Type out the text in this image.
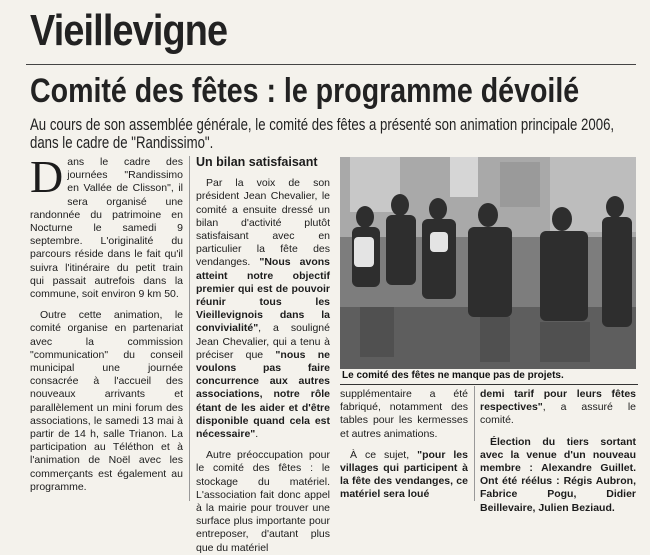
Vieillevigne
Comité des fêtes : le programme dévoilé
Au cours de son assemblée générale, le comité des fêtes a présenté son animation principale 2006, dans le cadre de "Randissimo".

Dans le cadre des journées "Randissimo en Vallée de Clisson", il sera organisé une randonnée du patrimoine en Nocturne le samedi 9 septembre. L'originalité du parcours réside dans le fait qu'il suivra l'itinéraire du petit train qui passait autrefois dans la commune, soit environ 9 km 50.

Outre cette animation, le comité organise en partenariat avec la commission "communication" du conseil municipal une journée consacrée à l'accueil des nouveaux arrivants et parallèlement un mini forum des associations, le samedi 13 mai à partir de 14 h, salle Trianon. La participation au Téléthon et à l'animation de Noël avec les commerçants est également au programme.

Un bilan satisfaisant

Par la voix de son président Jean Chevalier, le comité a ensuite dressé un bilan d'activité plutôt satisfaisant avec en particulier la fête des vendanges. "Nous avons atteint notre objectif premier qui est de pouvoir réunir tous les Vieillevignois dans la convivialité", a souligné Jean Chevalier, qui a tenu à préciser que "nous ne voulons pas faire concurrence aux autres associations, notre rôle étant de les aider et d'être disponible quand cela est nécessaire".

Autre préoccupation pour le comité des fêtes : le stockage du matériel. L'association fait donc appel à la mairie pour trouver une surface plus importante pour entreposer, d'autant plus que du matériel

Le comité des fêtes ne manque pas de projets.

supplémentaire a été fabriqué, notamment des tables pour les kermesses et autres animations.

À ce sujet, "pour les villages qui participent à la fête des vendanges, ce matériel sera loué

demi tarif pour leurs fêtes respectives", a assuré le comité.

Élection du tiers sortant avec la venue d'un nouveau membre : Alexandre Guillet. Ont été réélus : Régis Aubron, Fabrice Pogu, Didier Beillevaire, Julien Beziaud.
